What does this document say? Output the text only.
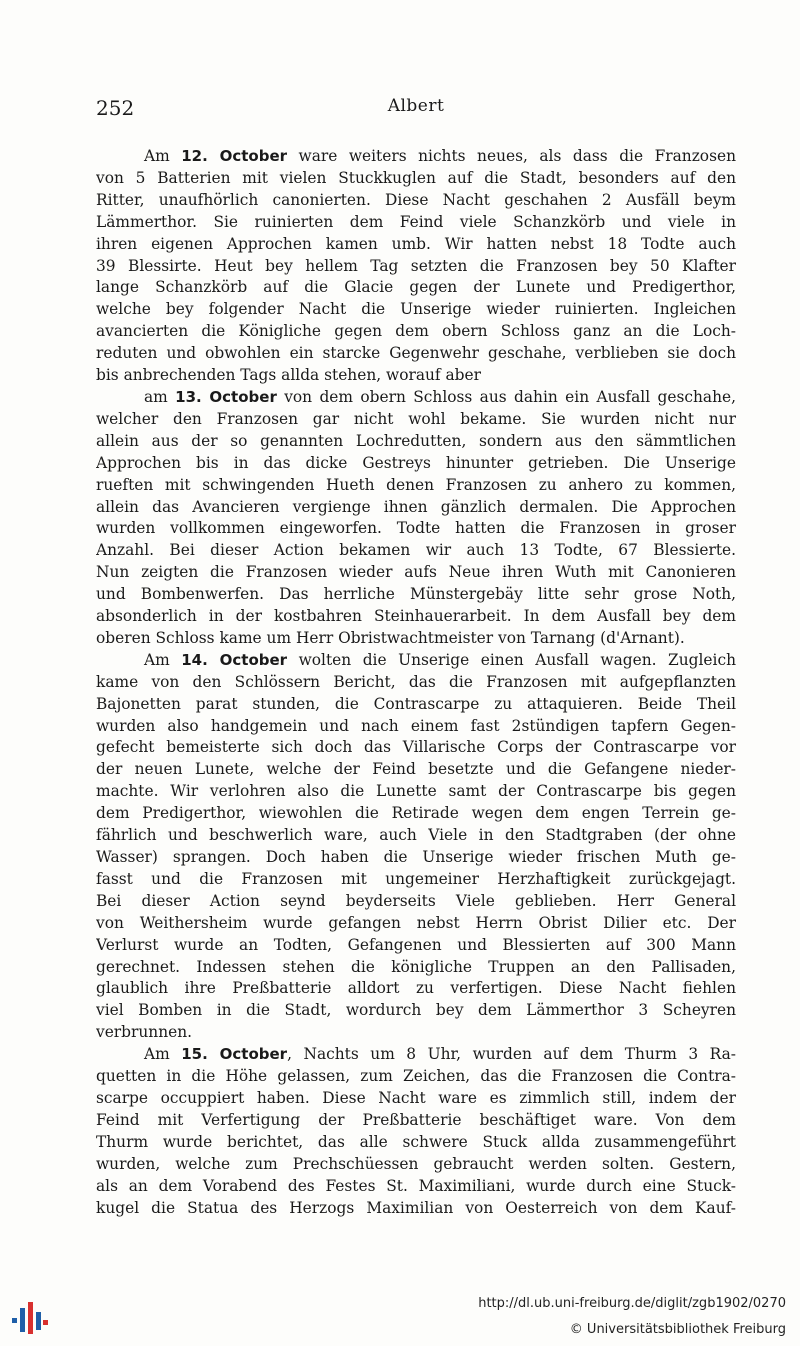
252	Albert
Am 12. October ware weiters nichts neues, als dass die Franzosen
von 5 Batterien mit vielen Stuckkuglen auf die Stadt, besonders auf den
Ritter, unaufhörlich canonierten. Diese Nacht geschahen 2 Ausfäll beym
Lämmerthor. Sie ruinierten dem Feind viele Schanzkörb und viele in
ihren eigenen Approchen kamen umb. Wir hatten nebst 18 Todte auch
39 Blessirte. Heut bey hellem Tag setzten die Franzosen bey 50 Klafter
lange Schanzkörb auf die Glacie gegen der Lunete und Predigerthor,
welche bey folgender Nacht die Unserige wieder ruinierten. Ingleichen
avancierten die Königliche gegen dem obern Schloss ganz an die Loch-
reduten und obwohlen ein starcke Gegenwehr geschahe, verblieben sie doch
bis anbrechenden Tags allda stehen, worauf aber
am 13. October von dem obern Schloss aus dahin ein Ausfall geschahe,
welcher den Franzosen gar nicht wohl bekame. Sie wurden nicht nur
allein aus der so genannten Lochredutten, sondern aus den sämmtlichen
Approchen bis in das dicke Gestreys hinunter getrieben. Die Unserige
rueften mit schwingenden Hueth denen Franzosen zu anhero zu kommen,
allein das Avancieren vergienge ihnen gänzlich dermalen. Die Approchen
wurden vollkommen eingeworfen. Todte hatten die Franzosen in groser
Anzahl. Bei dieser Action bekamen wir auch 13 Todte, 67 Blessierte.
Nun zeigten die Franzosen wieder aufs Neue ihren Wuth mit Canonieren
und Bombenwerfen. Das herrliche Münstergebäy litte sehr grose Noth,
absonderlich in der kostbahren Steinhauerarbeit. In dem Ausfall bey dem
oberen Schloss kame um Herr Obristwachtmeister von Tarnang (d'Arnant).
Am 14. October wolten die Unserige einen Ausfall wagen. Zugleich
kame von den Schlössern Bericht, das die Franzosen mit aufgepflanzten
Bajonetten parat stunden, die Contrascarpe zu attaquieren. Beide Theil
wurden also handgemein und nach einem fast 2stündigen tapfern Gegen-
gefecht bemeisterte sich doch das Villarische Corps der Contrascarpe vor
der neuen Lunete, welche der Feind besetzte und die Gefangene nieder-
machte. Wir verlohren also die Lunette samt der Contrascarpe bis gegen
dem Predigerthor, wiewohlen die Retirade wegen dem engen Terrein ge-
fährlich und beschwerlich ware, auch Viele in den Stadtgraben (der ohne
Wasser) sprangen. Doch haben die Unserige wieder frischen Muth ge-
fasst und die Franzosen mit ungemeiner Herzhaftigkeit zurückgejagt.
Bei dieser Action seynd beyderseits Viele geblieben. Herr General
von Weithersheim wurde gefangen nebst Herrn Obrist Dilier etc. Der
Verlurst wurde an Todten, Gefangenen und Blessierten auf 300 Mann
gerechnet. Indessen stehen die königliche Truppen an den Pallisaden,
glaublich ihre Preßbatterie alldort zu verfertigen. Diese Nacht fiehlen
viel Bomben in die Stadt, wordurch bey dem Lämmerthor 3 Scheyren
verbrunnen.
Am 15. October, Nachts um 8 Uhr, wurden auf dem Thurm 3 Ra-
quetten in die Höhe gelassen, zum Zeichen, das die Franzosen die Contra-
scarpe occuppiert haben. Diese Nacht ware es zimmlich still, indem der
Feind mit Verfertigung der Preßbatterie beschäftiget ware. Von dem
Thurm wurde berichtet, das alle schwere Stuck allda zusammengeführt
wurden, welche zum Prechschüessen gebraucht werden solten. Gestern,
als an dem Vorabend des Festes St. Maximiliani, wurde durch eine Stuck-
kugel die Statua des Herzogs Maximilian von Oesterreich von dem Kauf-
http://dl.ub.uni-freiburg.de/diglit/zgb1902/0270
© Universitätsbibliothek Freiburg
